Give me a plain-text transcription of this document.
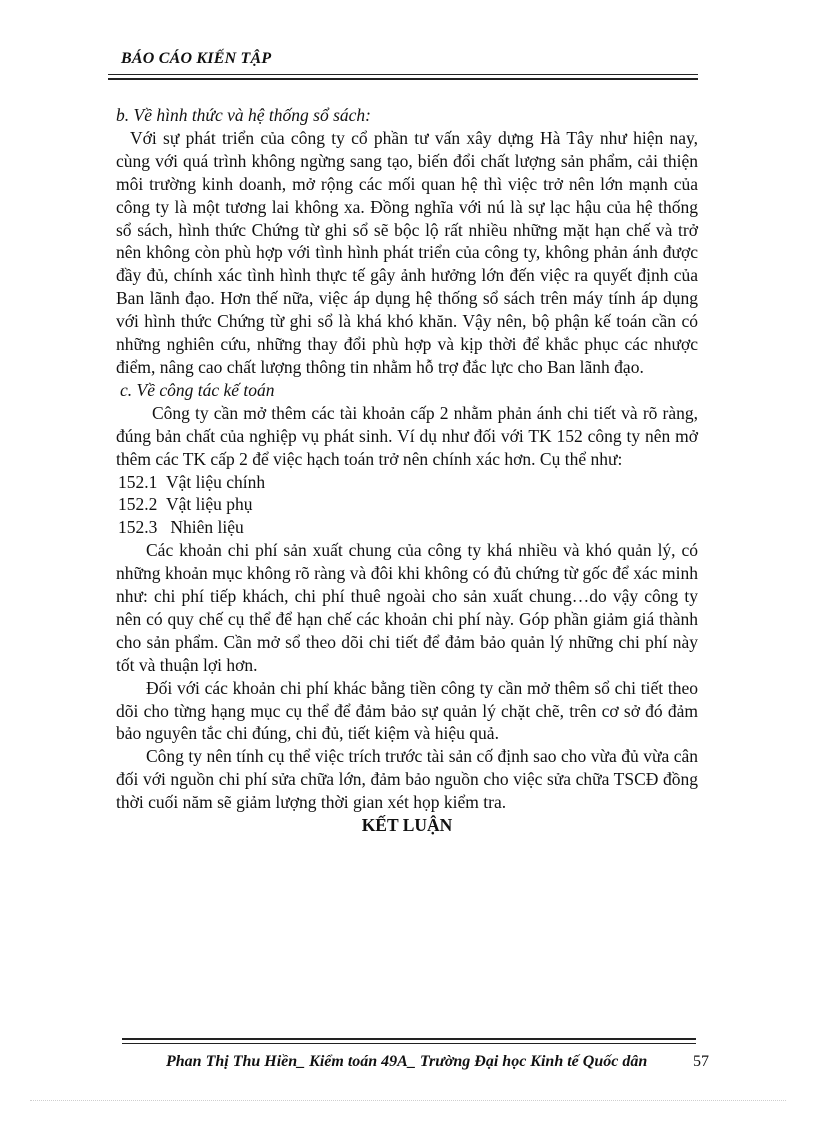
BÁO CÁO KIẾN TẬP

b. Về hình thức và hệ thống sổ sách:

Với sự phát triển của công ty cổ phần tư vấn xây dựng Hà Tây như hiện nay, cùng với quá trình không ngừng sang tạo, biến đổi chất lượng sản phẩm, cải thiện môi trường kinh doanh, mở rộng các mối quan hệ thì việc trở nên lớn mạnh của công ty là một tương lai không xa. Đồng nghĩa với nú là sự lạc hậu của hệ thống sổ sách, hình thức Chứng từ ghi sổ sẽ bộc lộ rất nhiều những mặt hạn chế và trở nên không còn phù hợp với tình hình phát triển của công ty, không phản ánh được đầy đủ, chính xác tình hình thực tế gây ảnh hưởng lớn đến việc ra quyết định của Ban lãnh đạo. Hơn thế nữa, việc áp dụng hệ thống sổ sách trên máy tính áp dụng với hình thức Chứng từ ghi sổ là khá khó khăn. Vậy nên, bộ phận kế toán cần có những nghiên cứu, những thay đổi phù hợp và kịp thời để khắc phục các nhược điểm, nâng cao chất lượng thông tin nhằm hỗ trợ đắc lực cho Ban lãnh đạo.

c. Về công tác kế toán

Công ty cần mở thêm các tài khoản cấp 2 nhằm phản ánh chi tiết và rõ ràng, đúng bản chất của nghiệp vụ phát sinh. Ví dụ như đối với TK 152 công ty nên mở thêm các TK cấp 2 để việc hạch toán trở nên chính xác hơn. Cụ thể như:

152.1 Vật liệu chính

152.2 Vật liệu phụ

152.3 Nhiên liệu

Các khoản chi phí sản xuất chung của công ty khá nhiều và khó quản lý, có những khoản mục không rõ ràng và đôi khi không có đủ chứng từ gốc để xác minh như: chi phí tiếp khách, chi phí thuê ngoài cho sản xuất chung…do vậy công ty nên có quy chế cụ thể để hạn chế các khoản chi phí này. Góp phần giảm giá thành cho sản phẩm. Cần mở sổ theo dõi chi tiết để đảm bảo quản lý những chi phí này tốt và thuận lợi hơn.

Đối với các khoản chi phí khác bằng tiền công ty cần mở thêm sổ chi tiết theo dõi cho từng hạng mục cụ thể để đảm bảo sự quản lý chặt chẽ, trên cơ sở đó đảm bảo nguyên tắc chi đúng, chi đủ, tiết kiệm và hiệu quả.

Công ty nên tính cụ thể việc trích trước tài sản cố định sao cho vừa đủ vừa cân đối với nguồn chi phí sửa chữa lớn, đảm bảo nguồn cho việc sửa chữa TSCĐ đồng thời cuối năm sẽ giảm lượng thời gian xét họp kiểm tra.

KẾT LUẬN

Phan Thị Thu Hiền_ Kiểm toán 49A_ Trường Đại học Kinh tế Quốc dân	57
